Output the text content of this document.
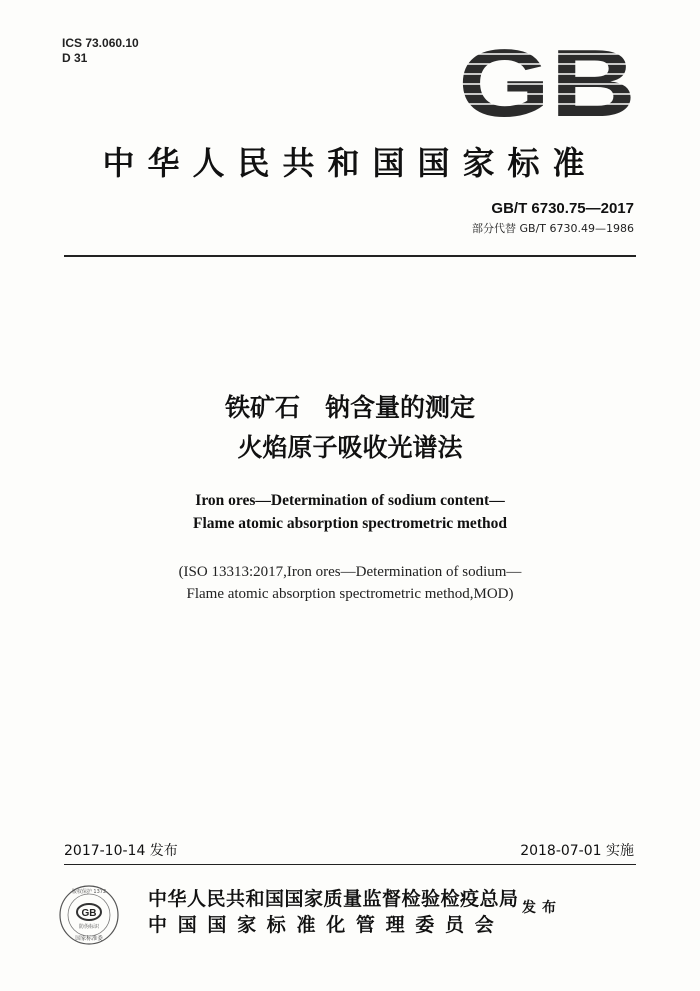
ICS 73.060.10
D 31	GB
中华人民共和国国家标准
GB/T 6730.75—2017
部分代替 GB/T 6730.49—1986
铁矿石　钠含量的测定
火焰原子吸收光谱法
Iron ores—Determination of sodium content—
Flame atomic absorption spectrometric method
(ISO 13313:2017,Iron ores—Determination of sodium—
Flame atomic absorption spectrometric method,MOD)
2017-10-14 发布	2018-07-01 实施
GB
版权保护 1372
防伪标识
国家标准委
中华人民共和国国家质量监督检验检疫总局
中国国家标准化管理委员会
发布
